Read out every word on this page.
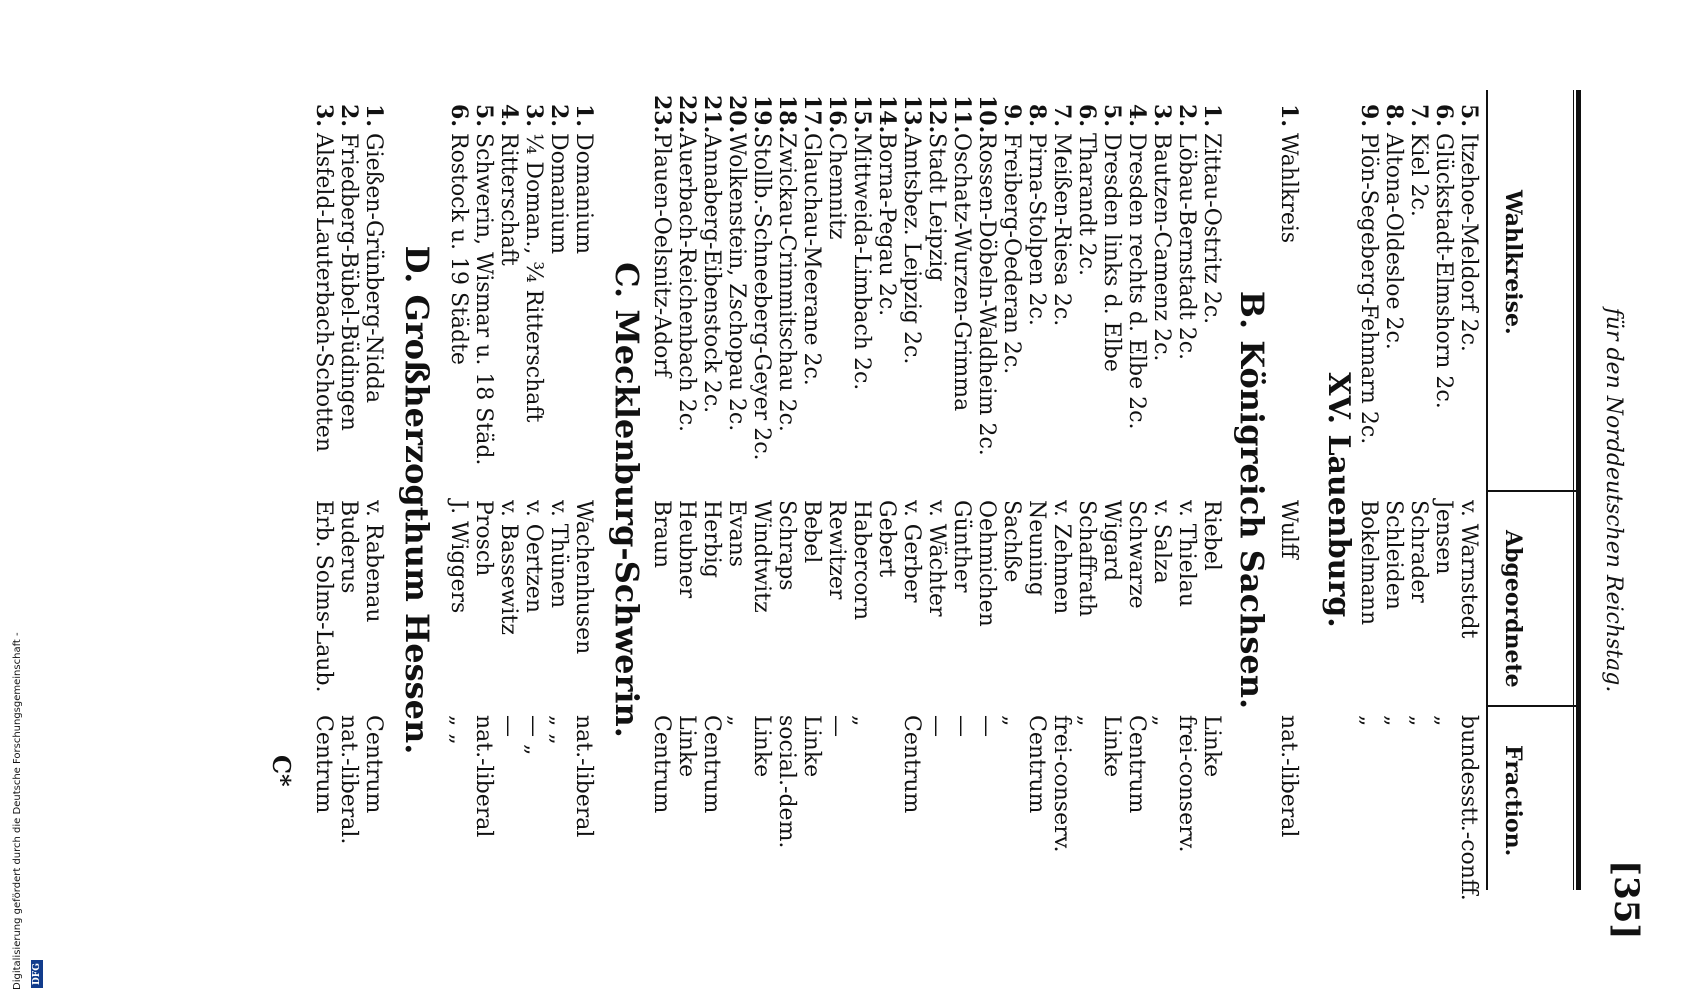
für den Norddeutschen Reichstag.
[35]
Wahlkreise.
Abgeordnete
Fraction.
5.
Itzehoe-Meldorf 2c.
v. Warnstedt
bundesstt.-conff.
6.
Glückstadt-Elmshorn 2c.
Jensen
„
7.
Kiel 2c.
Schrader
„
8.
Altona-Oldesloe 2c.
Schleiden
„
9.
Plön-Segeberg-Fehmarn 2c.
Bokelmann
„
XV. Lauenburg.
1.
Wahlkreis
Wulff
nat.-liberal
B. Königreich Sachsen.
1.
Zittau-Ostritz 2c.
Riebel
Linke
2.
Löbau-Bernstadt 2c.
v. Thielau
frei-conserv.
3.
Bautzen-Camenz 2c.
v. Salza
„
4.
Dresden rechts d. Elbe 2c.
Schwarze
Centrum
5.
Dresden links d. Elbe
Wigard
Linke
6.
Tharandt 2c.
Schaffrath
„
7.
Meißen-Riesa 2c.
v. Zehmen
frei-conserv.
8.
Pirna-Stolpen 2c.
Neuning
Centrum
9.
Freiberg-Oederan 2c.
Sachße
„
10.
Rossen-Döbeln-Waldheim 2c.
Oehmichen
—
11.
Oschatz-Wurzen-Grimma
Günther
—
12.
Stadt Leipzig
v. Wächter
—
13.
Amtsbez. Leipzig 2c.
v. Gerber
Centrum
14.
Borna-Pegau 2c.
Gebert
15.
Mittweida-Limbach 2c.
Habercorn
„
16.
Chemnitz
Rewitzer
—
17.
Glauchau-Meerane 2c.
Bebel
Linke
18.
Zwickau-Crimmitschau 2c.
Schraps
social.-dem.
19.
Stollb.-Schneeberg-Geyer 2c.
Windtwitz
Linke
20.
Wolkenstein, Zschopau 2c.
Evans
„
21.
Annaberg-Eibenstock 2c.
Herbig
Centrum
22.
Auerbach-Reichenbach 2c.
Heubner
Linke
23.
Plauen-Oelsnitz-Adorf
Braun
Centrum
C. Mecklenburg-Schwerin.
1.
Domanium
Wachenhusen
nat.-liberal
2.
Domanium
v. Thünen
„ „
3.
¼ Doman., ¾ Ritterschaft
v. Oertzen
— „
4.
Ritterschaft
v. Bassewitz
—
5.
Schwerin, Wismar u. 18 Städ.
Prosch
nat.-liberal
6.
Rostock u. 19 Städte
J. Wiggers
„ „
D. Großherzogthum Hessen.
1.
Gießen-Grünberg-Nidda
v. Rabenau
Centrum
2.
Friedberg-Bübel-Büdingen
Buderus
nat.-liberal.
3.
Alsfeld-Lauterbach-Schotten
Erb. Solms-Laub.
Centrum
C*
Digitalisierung gefördert durch die Deutsche Forschungsgemeinschaft - DFG
